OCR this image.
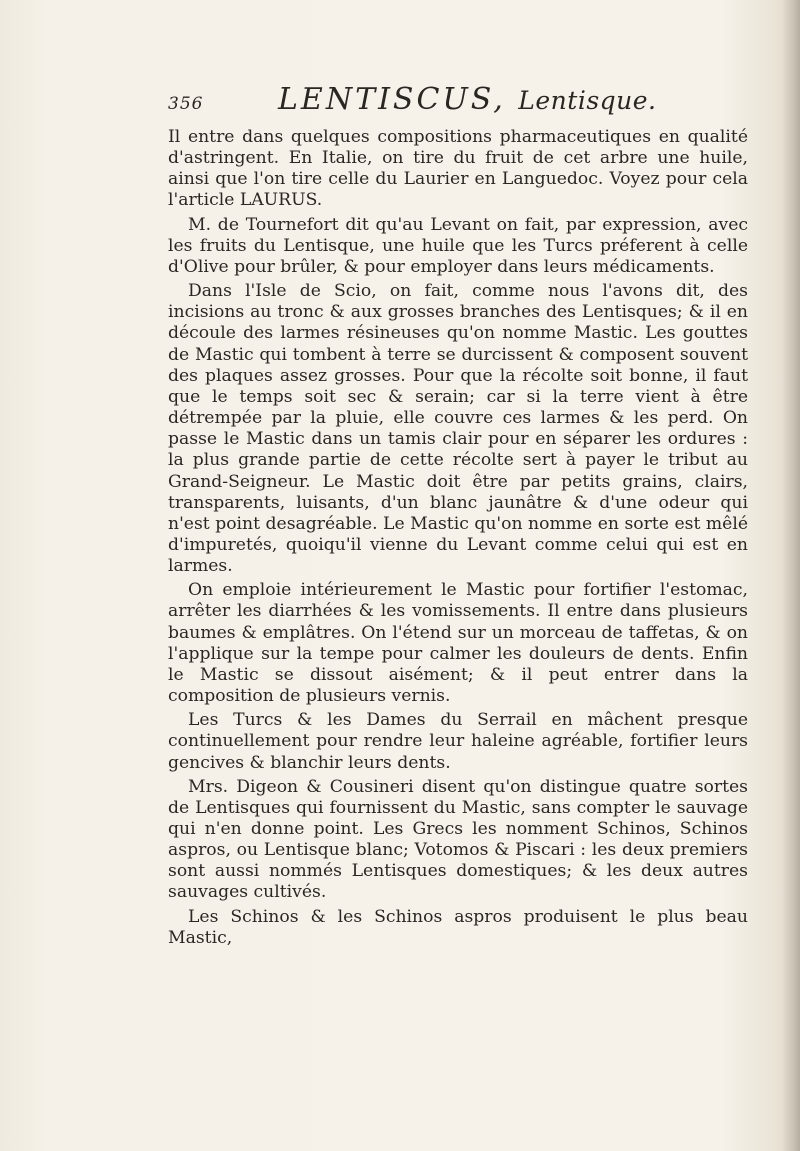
356 LENTISCUS, Lentisque.

Il entre dans quelques compositions pharmaceutiques en qualité d'astringent. En Italie, on tire du fruit de cet arbre une huile, ainsi que l'on tire celle du Laurier en Languedoc. Voyez pour cela l'article LAURUS.

M. de Tournefort dit qu'au Levant on fait, par expression, avec les fruits du Lentisque, une huile que les Turcs préferent à celle d'Olive pour brûler, & pour employer dans leurs médicaments.

Dans l'Isle de Scio, on fait, comme nous l'avons dit, des incisions au tronc & aux grosses branches des Lentisques; & il en découle des larmes résineuses qu'on nomme Mastic. Les gouttes de Mastic qui tombent à terre se durcissent & composent souvent des plaques assez grosses. Pour que la récolte soit bonne, il faut que le temps soit sec & serain; car si la terre vient à être détrempée par la pluie, elle couvre ces larmes & les perd. On passe le Mastic dans un tamis clair pour en séparer les ordures : la plus grande partie de cette récolte sert à payer le tribut au Grand-Seigneur. Le Mastic doit être par petits grains, clairs, transparents, luisants, d'un blanc jaunâtre & d'une odeur qui n'est point desagréable. Le Mastic qu'on nomme en sorte est mêlé d'impuretés, quoiqu'il vienne du Levant comme celui qui est en larmes.

On emploie intérieurement le Mastic pour fortifier l'estomac, arrêter les diarrhées & les vomissements. Il entre dans plusieurs baumes & emplâtres. On l'étend sur un morceau de taffetas, & on l'applique sur la tempe pour calmer les douleurs de dents. Enfin le Mastic se dissout aisément; & il peut entrer dans la composition de plusieurs vernis.

Les Turcs & les Dames du Serrail en mâchent presque continuellement pour rendre leur haleine agréable, fortifier leurs gencives & blanchir leurs dents.

Mrs. Digeon & Cousineri disent qu'on distingue quatre sortes de Lentisques qui fournissent du Mastic, sans compter le sauvage qui n'en donne point. Les Grecs les nomment Schinos, Schinos aspros, ou Lentisque blanc; Votomos & Piscari : les deux premiers sont aussi nommés Lentisques domestiques; & les deux autres sauvages cultivés.

Les Schinos & les Schinos aspros produisent le plus beau Mastic,
